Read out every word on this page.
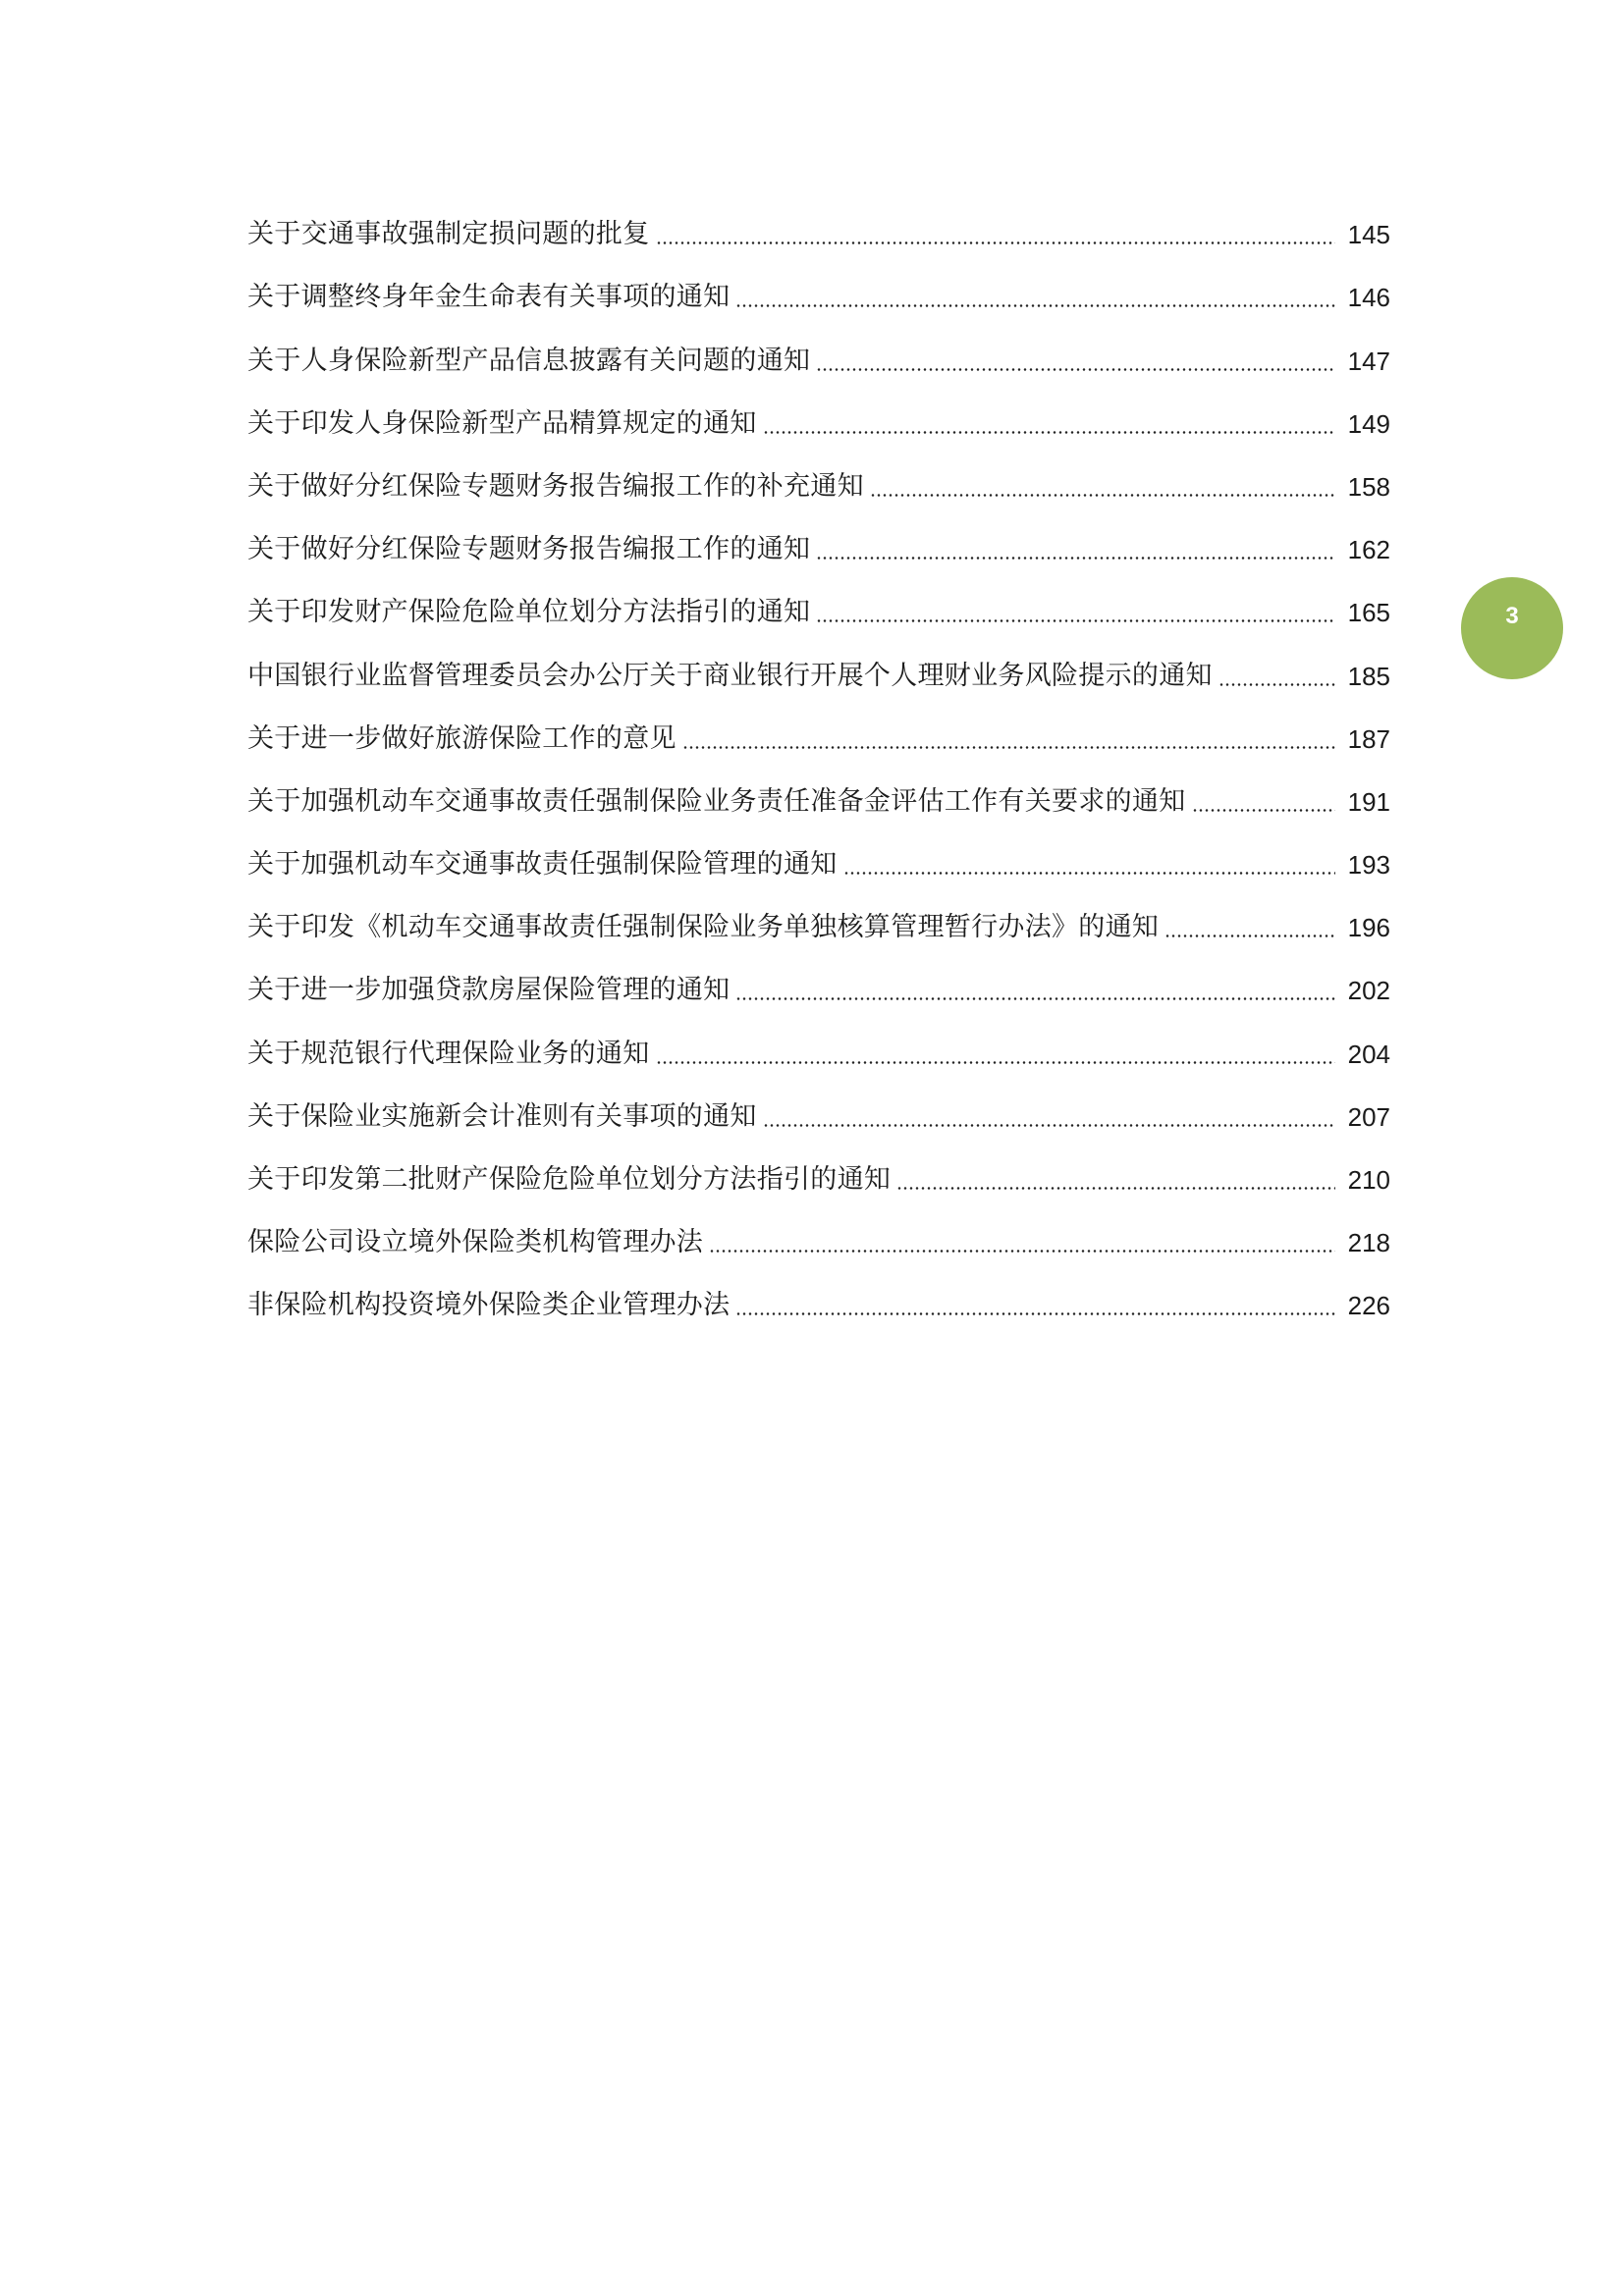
关于交通事故强制定损问题的批复	145
关于调整终身年金生命表有关事项的通知	146
关于人身保险新型产品信息披露有关问题的通知	147
关于印发人身保险新型产品精算规定的通知	149
关于做好分红保险专题财务报告编报工作的补充通知	158
关于做好分红保险专题财务报告编报工作的通知	162
关于印发财产保险危险单位划分方法指引的通知	165
中国银行业监督管理委员会办公厅关于商业银行开展个人理财业务风险提示的通知	185
关于进一步做好旅游保险工作的意见	187
关于加强机动车交通事故责任强制保险业务责任准备金评估工作有关要求的通知	191
关于加强机动车交通事故责任强制保险管理的通知	193
关于印发《机动车交通事故责任强制保险业务单独核算管理暂行办法》的通知	196
关于进一步加强贷款房屋保险管理的通知	202
关于规范银行代理保险业务的通知	204
关于保险业实施新会计准则有关事项的通知	207
关于印发第二批财产保险危险单位划分方法指引的通知	210
保险公司设立境外保险类机构管理办法	218
非保险机构投资境外保险类企业管理办法	226
3
